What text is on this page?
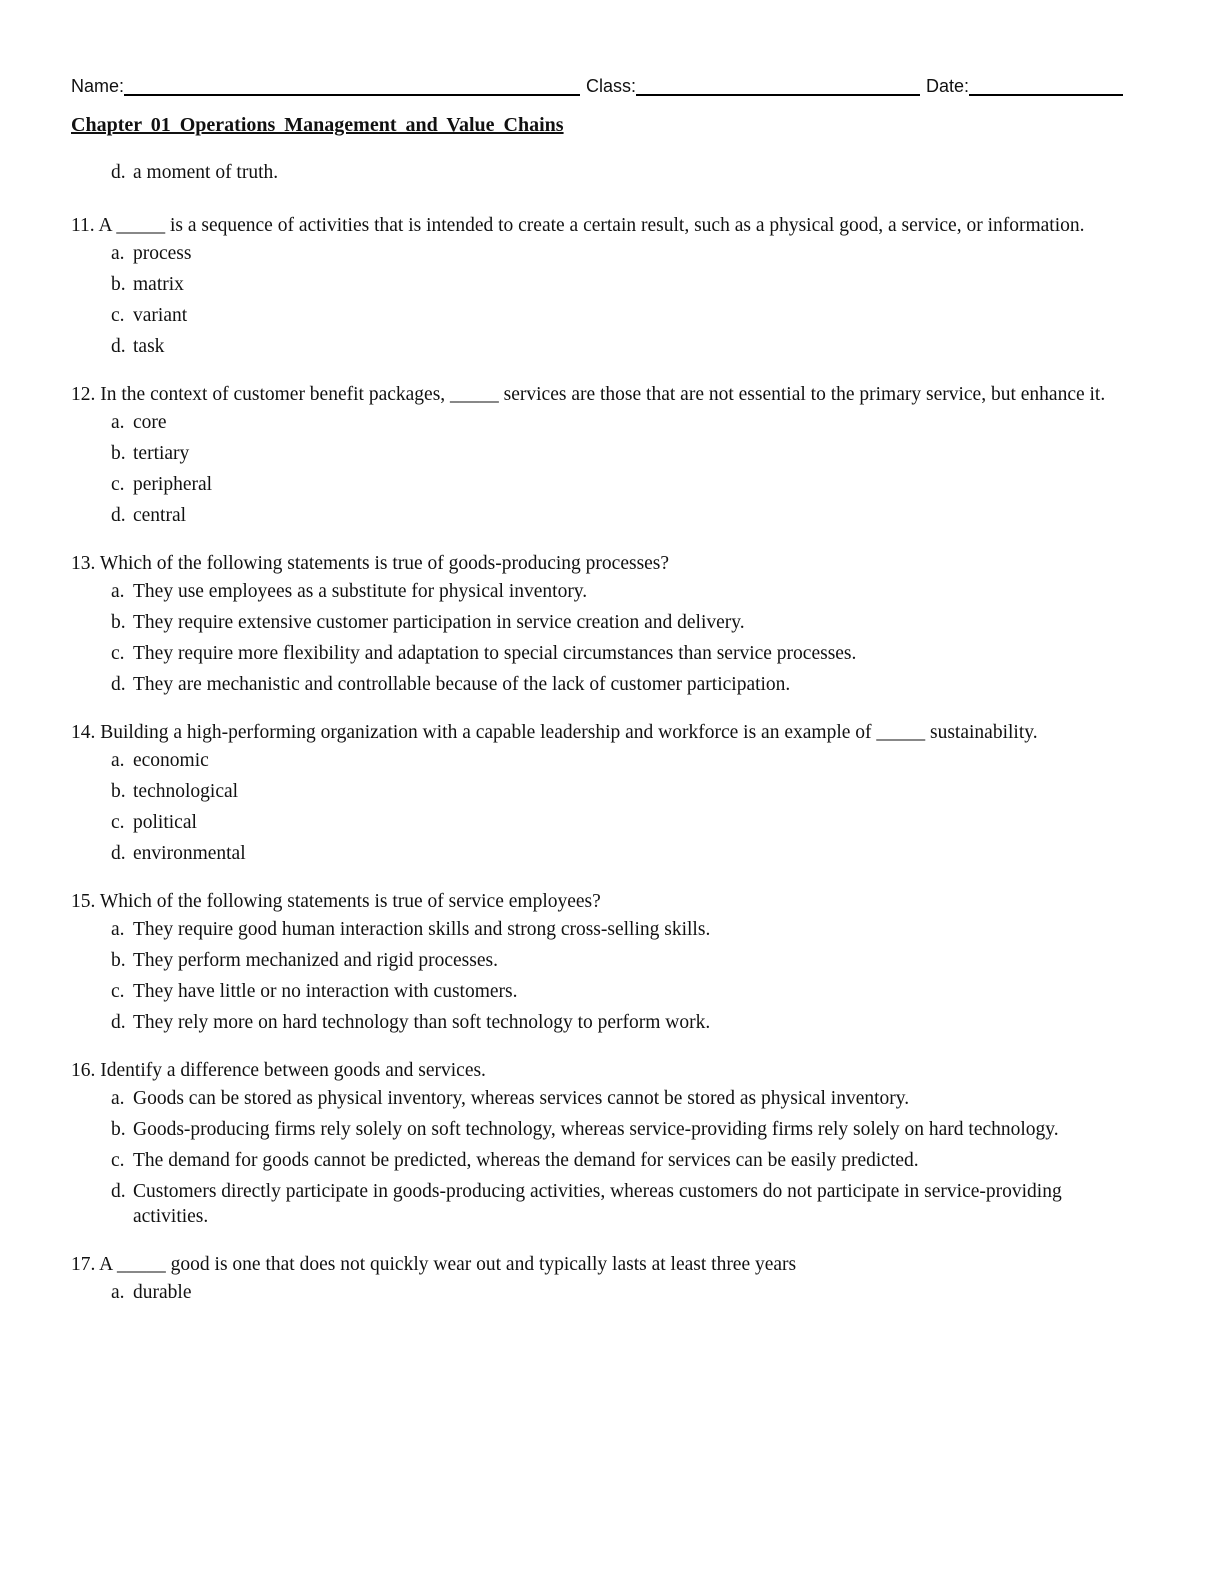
Name:	Class:	Date:
Chapter 01 Operations Management and Value Chains
d. a moment of truth.
11. A _____ is a sequence of activities that is intended to create a certain result, such as a physical good, a service, or information.
a. process
b. matrix
c. variant
d. task
12. In the context of customer benefit packages, _____ services are those that are not essential to the primary service, but enhance it.
a. core
b. tertiary
c. peripheral
d. central
13. Which of the following statements is true of goods-producing processes?
a. They use employees as a substitute for physical inventory.
b. They require extensive customer participation in service creation and delivery.
c. They require more flexibility and adaptation to special circumstances than service processes.
d. They are mechanistic and controllable because of the lack of customer participation.
14. Building a high-performing organization with a capable leadership and workforce is an example of _____ sustainability.
a. economic
b. technological
c. political
d. environmental
15. Which of the following statements is true of service employees?
a. They require good human interaction skills and strong cross-selling skills.
b. They perform mechanized and rigid processes.
c. They have little or no interaction with customers.
d. They rely more on hard technology than soft technology to perform work.
16. Identify a difference between goods and services.
a. Goods can be stored as physical inventory, whereas services cannot be stored as physical inventory.
b. Goods-producing firms rely solely on soft technology, whereas service-providing firms rely solely on hard technology.
c. The demand for goods cannot be predicted, whereas the demand for services can be easily predicted.
d. Customers directly participate in goods-producing activities, whereas customers do not participate in service-providing activities.
17. A _____ good is one that does not quickly wear out and typically lasts at least three years
a. durable
